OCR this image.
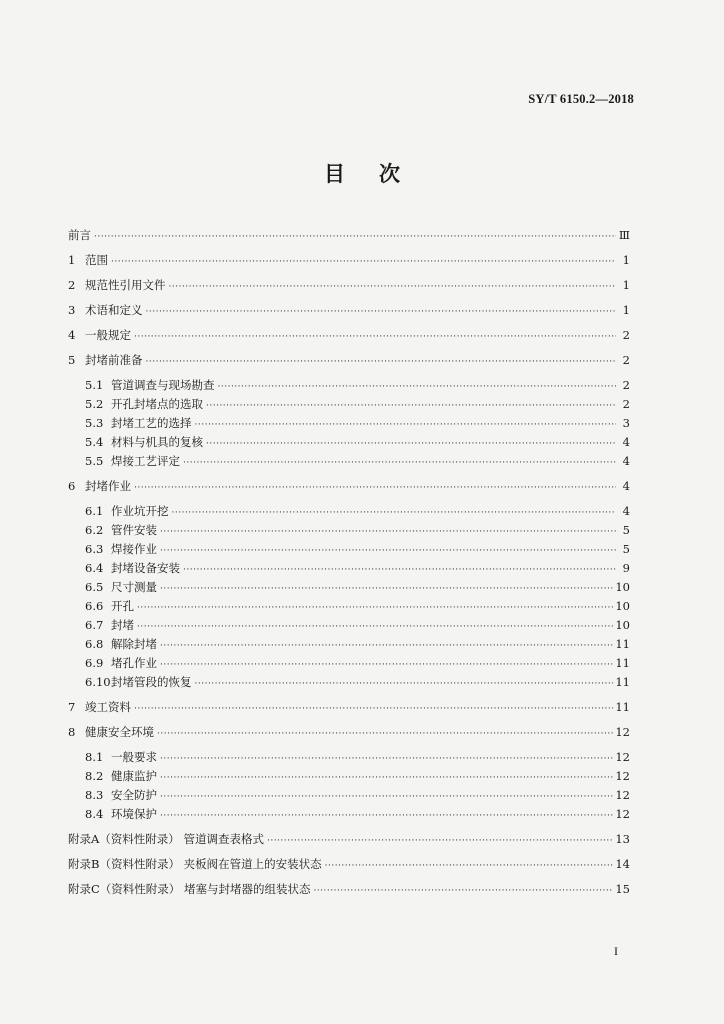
SY/T 6150.2—2018
目 次
前言 ·····	Ⅲ
1 范围 ·····	1
2 规范性引用文件 ·····	1
3 术语和定义 ·····	1
4 一般规定 ·····	2
5 封堵前准备 ·····	2
5.1 管道调查与现场勘查 ·····	2
5.2 开孔封堵点的选取 ·····	2
5.3 封堵工艺的选择 ·····	3
5.4 材料与机具的复核 ·····	4
5.5 焊接工艺评定 ·····	4
6 封堵作业 ·····	4
6.1 作业坑开挖 ·····	4
6.2 管件安装 ·····	5
6.3 焊接作业 ·····	5
6.4 封堵设备安装 ·····	9
6.5 尺寸测量 ·····	10
6.6 开孔 ·····	10
6.7 封堵 ·····	10
6.8 解除封堵 ·····	11
6.9 堵孔作业 ·····	11
6.10 封堵管段的恢复 ·····	11
7 竣工资料 ·····	11
8 健康安全环境 ·····	12
8.1 一般要求 ·····	12
8.2 健康监护 ·····	12
8.3 安全防护 ·····	12
8.4 环境保护 ·····	12
附录A（资料性附录） 管道调查表格式 ·····	13
附录B（资料性附录） 夹板阀在管道上的安装状态 ·····	14
附录C（资料性附录） 堵塞与封堵器的组装状态 ·····	15
I
